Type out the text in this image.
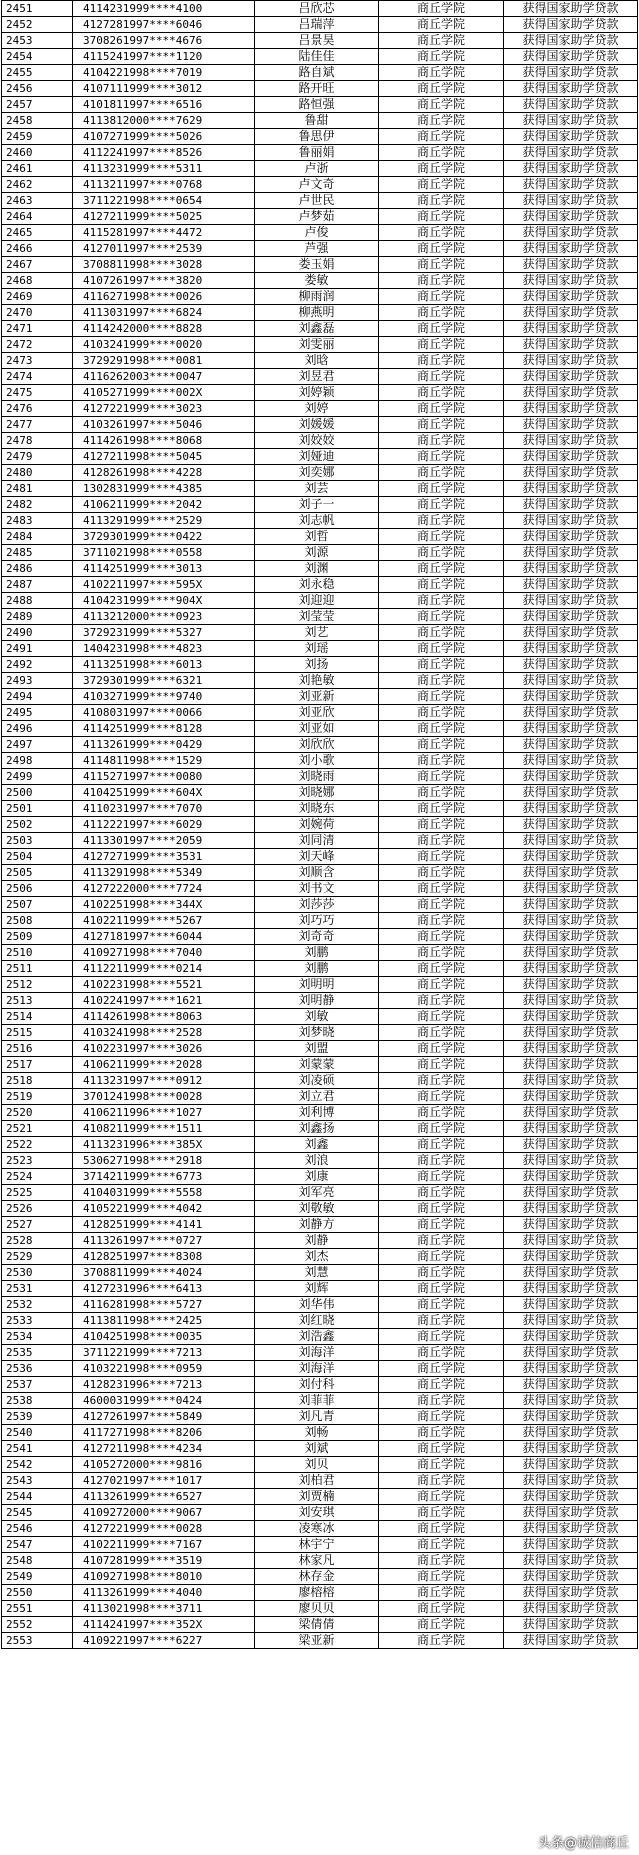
2451	4114231999****4100	吕欣芯	商丘学院	获得国家助学贷款
2452	4127281997****6046	吕瑞萍	商丘学院	获得国家助学贷款
2453	3708261997****4676	吕景昊	商丘学院	获得国家助学贷款
2454	4115241997****1120	陆佳佳	商丘学院	获得国家助学贷款
2455	4104221998****7019	路自斌	商丘学院	获得国家助学贷款
2456	4107111999****3012	路开旺	商丘学院	获得国家助学贷款
2457	4101811997****6516	路恒强	商丘学院	获得国家助学贷款
2458	4113812000****7629	鲁甜	商丘学院	获得国家助学贷款
2459	4107271999****5026	鲁思伊	商丘学院	获得国家助学贷款
2460	4112241997****8526	鲁丽娟	商丘学院	获得国家助学贷款
2461	4113231999****5311	卢浙	商丘学院	获得国家助学贷款
2462	4113211997****0768	卢文奇	商丘学院	获得国家助学贷款
2463	3711221998****0654	卢世民	商丘学院	获得国家助学贷款
2464	4127211999****5025	卢梦茹	商丘学院	获得国家助学贷款
2465	4115281997****4472	卢俊	商丘学院	获得国家助学贷款
2466	4127011997****2539	芦强	商丘学院	获得国家助学贷款
2467	3708811998****3028	娄玉娟	商丘学院	获得国家助学贷款
2468	4107261997****3820	娄敏	商丘学院	获得国家助学贷款
2469	4116271998****0026	柳雨润	商丘学院	获得国家助学贷款
2470	4113031997****6824	柳燕明	商丘学院	获得国家助学贷款
2471	4114242000****8828	刘鑫磊	商丘学院	获得国家助学贷款
2472	4103241999****0020	刘雯丽	商丘学院	获得国家助学贷款
2473	3729291998****0081	刘晗	商丘学院	获得国家助学贷款
2474	4116262003****0047	刘昱君	商丘学院	获得国家助学贷款
2475	4105271999****002X	刘婷颖	商丘学院	获得国家助学贷款
2476	4127221999****3023	刘婷	商丘学院	获得国家助学贷款
2477	4103261997****5046	刘媛媛	商丘学院	获得国家助学贷款
2478	4114261998****8068	刘姣姣	商丘学院	获得国家助学贷款
2479	4127211998****5045	刘娅迪	商丘学院	获得国家助学贷款
2480	4128261998****4228	刘奕娜	商丘学院	获得国家助学贷款
2481	1302831999****4385	刘芸	商丘学院	获得国家助学贷款
2482	4106211999****2042	刘子一	商丘学院	获得国家助学贷款
2483	4113291999****2529	刘志帆	商丘学院	获得国家助学贷款
2484	3729301999****0422	刘哲	商丘学院	获得国家助学贷款
2485	3711021998****0558	刘源	商丘学院	获得国家助学贷款
2486	4114251999****3013	刘渊	商丘学院	获得国家助学贷款
2487	4102211997****595X	刘永稳	商丘学院	获得国家助学贷款
2488	4104231999****904X	刘迎迎	商丘学院	获得国家助学贷款
2489	4113212000****0923	刘莹莹	商丘学院	获得国家助学贷款
2490	3729231999****5327	刘艺	商丘学院	获得国家助学贷款
2491	1404231998****4823	刘瑶	商丘学院	获得国家助学贷款
2492	4113251998****6013	刘扬	商丘学院	获得国家助学贷款
2493	3729301999****6321	刘艳敏	商丘学院	获得国家助学贷款
2494	4103271999****9740	刘亚新	商丘学院	获得国家助学贷款
2495	4108031997****0066	刘亚欣	商丘学院	获得国家助学贷款
2496	4114251999****8128	刘亚如	商丘学院	获得国家助学贷款
2497	4113261999****0429	刘欣欣	商丘学院	获得国家助学贷款
2498	4114811998****1529	刘小歌	商丘学院	获得国家助学贷款
2499	4115271997****0080	刘晓雨	商丘学院	获得国家助学贷款
2500	4104251999****604X	刘晓娜	商丘学院	获得国家助学贷款
2501	4110231997****7070	刘晓东	商丘学院	获得国家助学贷款
2502	4112221997****6029	刘婉荷	商丘学院	获得国家助学贷款
2503	4113301997****2059	刘同清	商丘学院	获得国家助学贷款
2504	4127271999****3531	刘天峰	商丘学院	获得国家助学贷款
2505	4113291998****5349	刘顺含	商丘学院	获得国家助学贷款
2506	4127222000****7724	刘书文	商丘学院	获得国家助学贷款
2507	4102251998****344X	刘莎莎	商丘学院	获得国家助学贷款
2508	4102211999****5267	刘巧巧	商丘学院	获得国家助学贷款
2509	4127181997****6044	刘奇奇	商丘学院	获得国家助学贷款
2510	4109271998****7040	刘鹏	商丘学院	获得国家助学贷款
2511	4112211999****0214	刘鹏	商丘学院	获得国家助学贷款
2512	4102231998****5521	刘明明	商丘学院	获得国家助学贷款
2513	4102241997****1621	刘明静	商丘学院	获得国家助学贷款
2514	4114261998****8063	刘敏	商丘学院	获得国家助学贷款
2515	4103241998****2528	刘梦晓	商丘学院	获得国家助学贷款
2516	4102231997****3026	刘盟	商丘学院	获得国家助学贷款
2517	4106211999****2028	刘蒙蒙	商丘学院	获得国家助学贷款
2518	4113231997****0912	刘凌硕	商丘学院	获得国家助学贷款
2519	3701241998****0028	刘立君	商丘学院	获得国家助学贷款
2520	4106211996****1027	刘利博	商丘学院	获得国家助学贷款
2521	4108211999****1511	刘鑫扬	商丘学院	获得国家助学贷款
2522	4113231996****385X	刘鑫	商丘学院	获得国家助学贷款
2523	5306271998****2918	刘浪	商丘学院	获得国家助学贷款
2524	3714211999****6773	刘康	商丘学院	获得国家助学贷款
2525	4104031999****5558	刘军亮	商丘学院	获得国家助学贷款
2526	4105221999****4042	刘敬敏	商丘学院	获得国家助学贷款
2527	4128251999****4141	刘静方	商丘学院	获得国家助学贷款
2528	4113261997****0727	刘静	商丘学院	获得国家助学贷款
2529	4128251997****8308	刘杰	商丘学院	获得国家助学贷款
2530	3708811999****4024	刘慧	商丘学院	获得国家助学贷款
2531	4127231996****6413	刘辉	商丘学院	获得国家助学贷款
2532	4116281998****5727	刘华伟	商丘学院	获得国家助学贷款
2533	4113811998****2425	刘红晓	商丘学院	获得国家助学贷款
2534	4104251998****0035	刘浩鑫	商丘学院	获得国家助学贷款
2535	3711221999****7213	刘海洋	商丘学院	获得国家助学贷款
2536	4103221998****0959	刘海洋	商丘学院	获得国家助学贷款
2537	4128231996****7213	刘付科	商丘学院	获得国家助学贷款
2538	4600031999****0424	刘菲菲	商丘学院	获得国家助学贷款
2539	4127261997****5849	刘凡青	商丘学院	获得国家助学贷款
2540	4117271998****8206	刘畅	商丘学院	获得国家助学贷款
2541	4127211998****4234	刘斌	商丘学院	获得国家助学贷款
2542	4105272000****9816	刘贝	商丘学院	获得国家助学贷款
2543	4127021997****1017	刘柏君	商丘学院	获得国家助学贷款
2544	4113261999****6527	刘贾楠	商丘学院	获得国家助学贷款
2545	4109272000****9067	刘安琪	商丘学院	获得国家助学贷款
2546	4127221999****0028	凌寒冰	商丘学院	获得国家助学贷款
2547	4102211999****7167	林宇宁	商丘学院	获得国家助学贷款
2548	4107281999****3519	林家凡	商丘学院	获得国家助学贷款
2549	4109271998****8010	林存金	商丘学院	获得国家助学贷款
2550	4113261999****4040	廖榕榕	商丘学院	获得国家助学贷款
2551	4113021998****3711	廖贝贝	商丘学院	获得国家助学贷款
2552	4114241997****352X	梁倩倩	商丘学院	获得国家助学贷款
2553	4109221997****6227	梁亚新	商丘学院	获得国家助学贷款
头条@诚信商丘
